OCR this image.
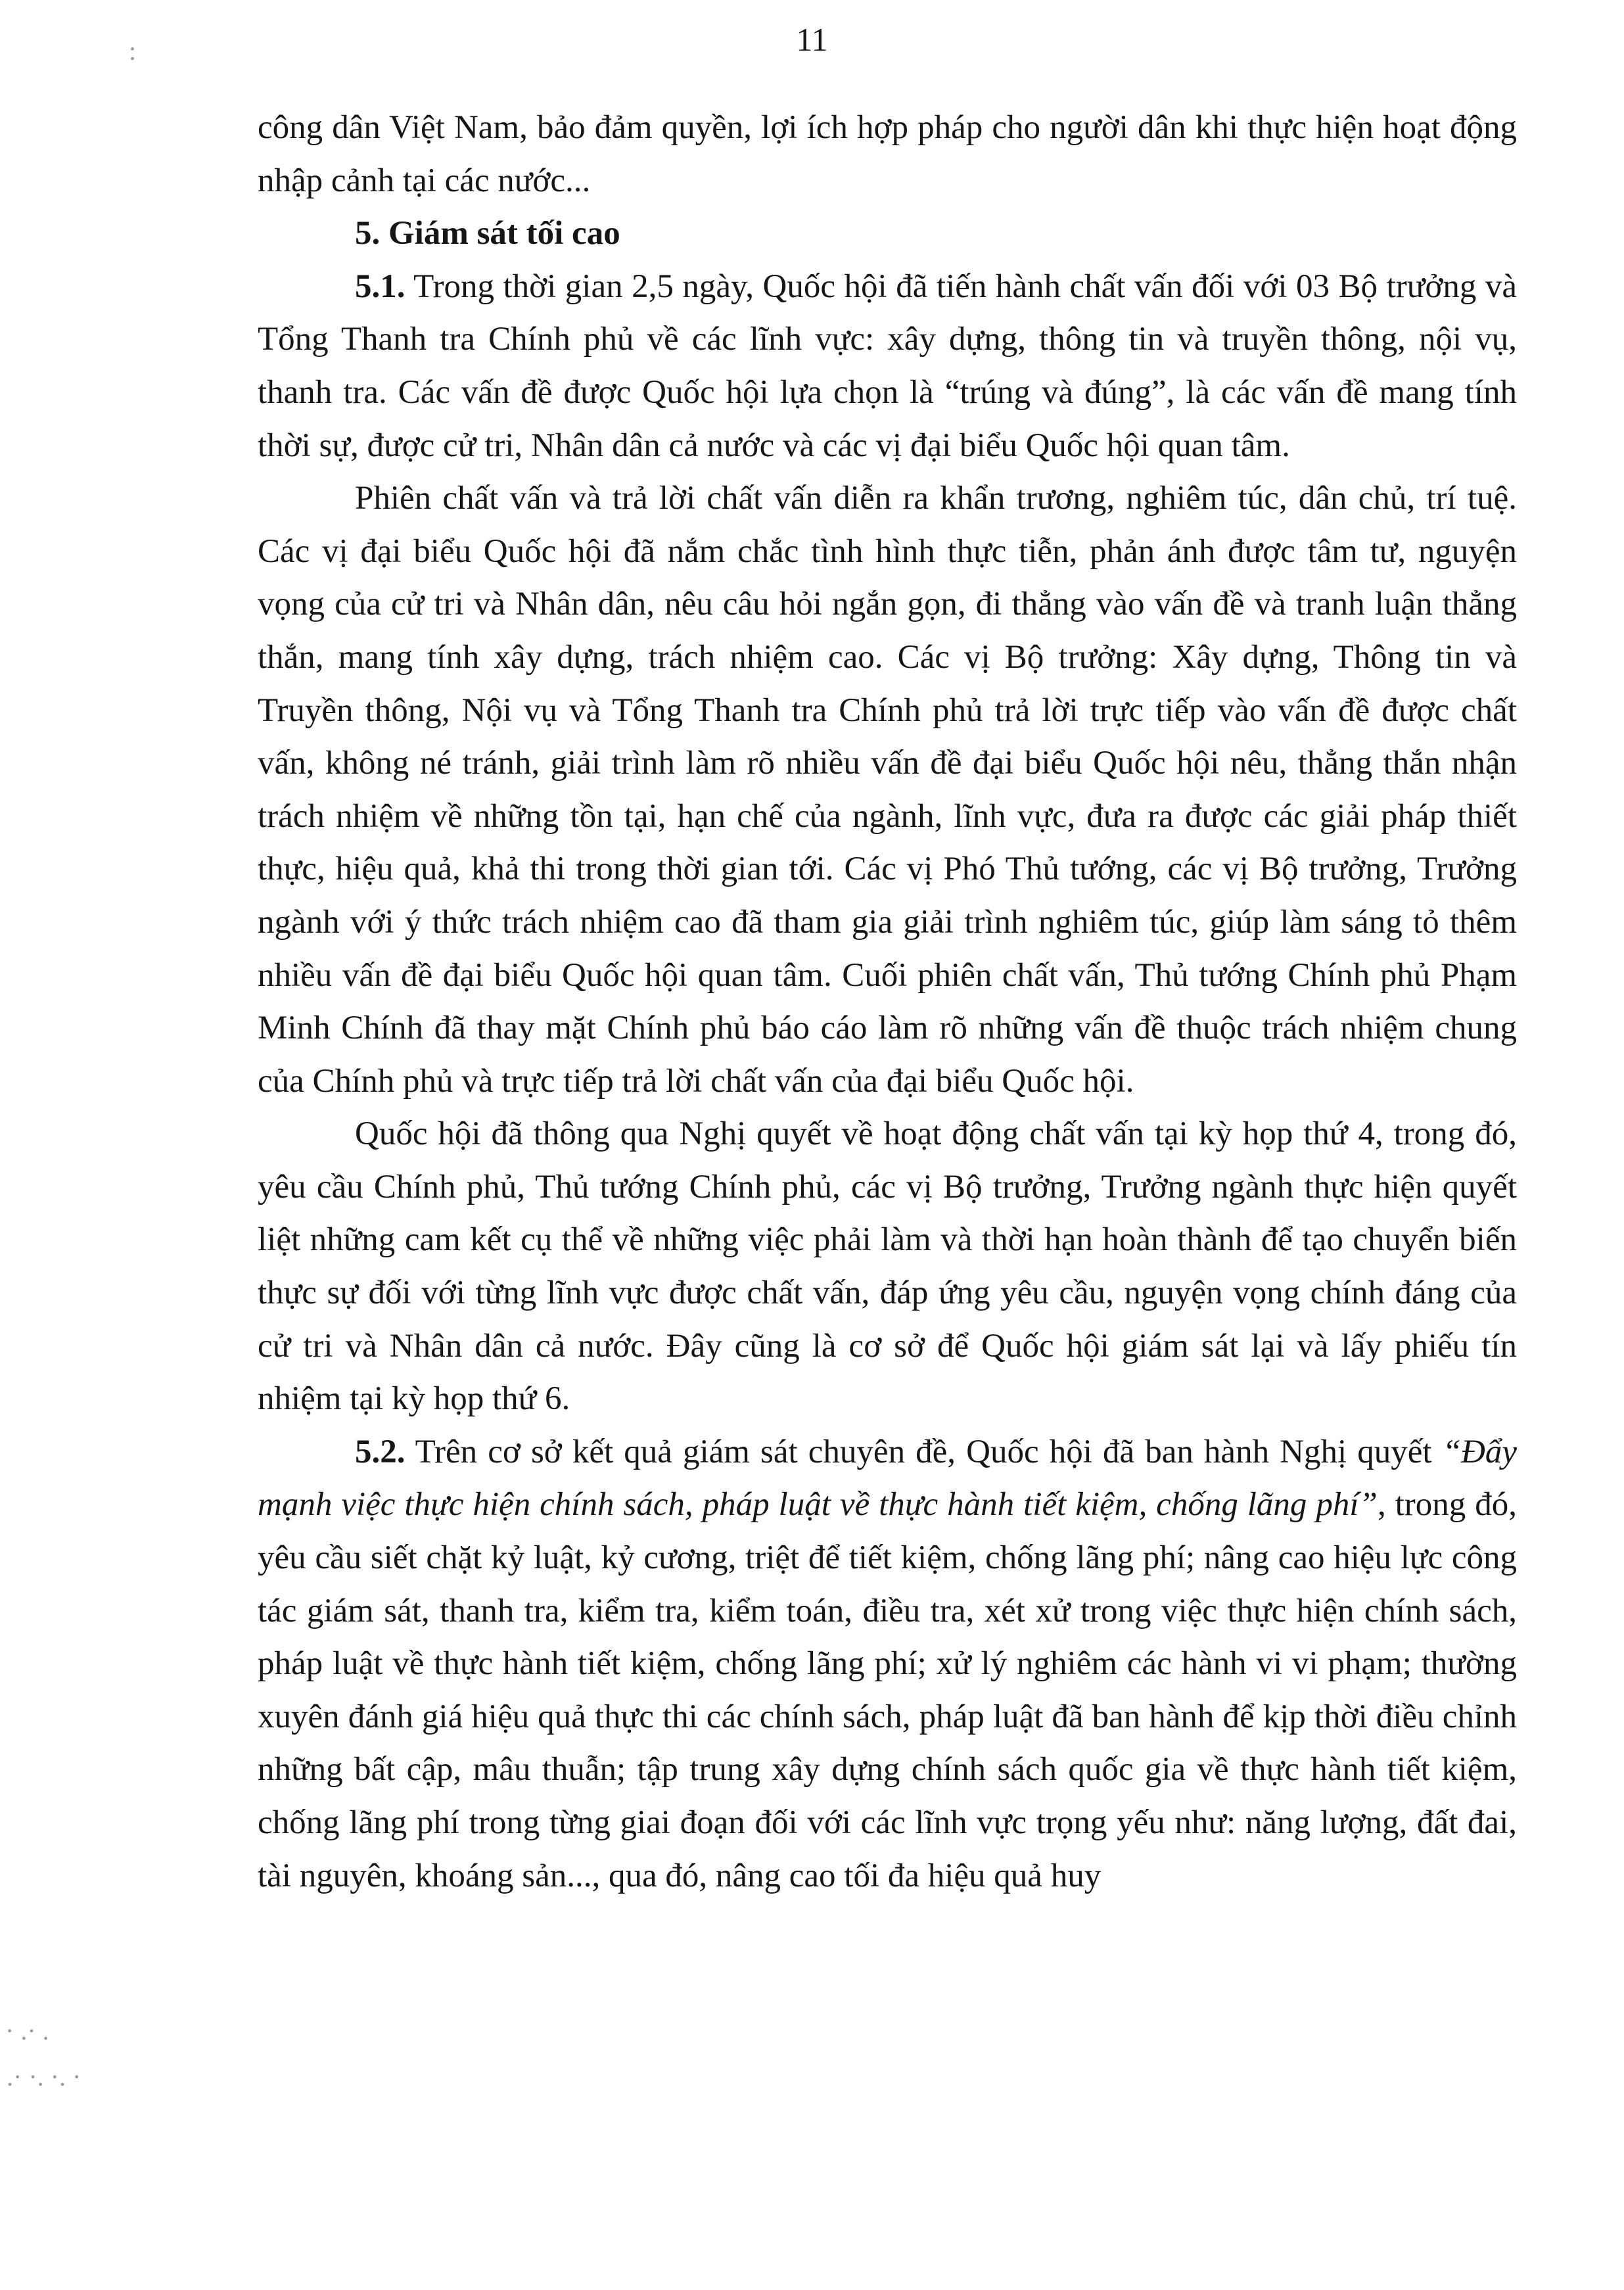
11
:
· .· .
.· ·. ·. ·

công dân Việt Nam, bảo đảm quyền, lợi ích hợp pháp cho người dân khi thực hiện hoạt động nhập cảnh tại các nước...

5. Giám sát tối cao

5.1. Trong thời gian 2,5 ngày, Quốc hội đã tiến hành chất vấn đối với 03 Bộ trưởng và Tổng Thanh tra Chính phủ về các lĩnh vực: xây dựng, thông tin và truyền thông, nội vụ, thanh tra. Các vấn đề được Quốc hội lựa chọn là “trúng và đúng”, là các vấn đề mang tính thời sự, được cử tri, Nhân dân cả nước và các vị đại biểu Quốc hội quan tâm.

Phiên chất vấn và trả lời chất vấn diễn ra khẩn trương, nghiêm túc, dân chủ, trí tuệ. Các vị đại biểu Quốc hội đã nắm chắc tình hình thực tiễn, phản ánh được tâm tư, nguyện vọng của cử tri và Nhân dân, nêu câu hỏi ngắn gọn, đi thẳng vào vấn đề và tranh luận thẳng thắn, mang tính xây dựng, trách nhiệm cao. Các vị Bộ trưởng: Xây dựng, Thông tin và Truyền thông, Nội vụ và Tổng Thanh tra Chính phủ trả lời trực tiếp vào vấn đề được chất vấn, không né tránh, giải trình làm rõ nhiều vấn đề đại biểu Quốc hội nêu, thẳng thắn nhận trách nhiệm về những tồn tại, hạn chế của ngành, lĩnh vực, đưa ra được các giải pháp thiết thực, hiệu quả, khả thi trong thời gian tới. Các vị Phó Thủ tướng, các vị Bộ trưởng, Trưởng ngành với ý thức trách nhiệm cao đã tham gia giải trình nghiêm túc, giúp làm sáng tỏ thêm nhiều vấn đề đại biểu Quốc hội quan tâm. Cuối phiên chất vấn, Thủ tướng Chính phủ Phạm Minh Chính đã thay mặt Chính phủ báo cáo làm rõ những vấn đề thuộc trách nhiệm chung của Chính phủ và trực tiếp trả lời chất vấn của đại biểu Quốc hội.

Quốc hội đã thông qua Nghị quyết về hoạt động chất vấn tại kỳ họp thứ 4, trong đó, yêu cầu Chính phủ, Thủ tướng Chính phủ, các vị Bộ trưởng, Trưởng ngành thực hiện quyết liệt những cam kết cụ thể về những việc phải làm và thời hạn hoàn thành để tạo chuyển biến thực sự đối với từng lĩnh vực được chất vấn, đáp ứng yêu cầu, nguyện vọng chính đáng của cử tri và Nhân dân cả nước. Đây cũng là cơ sở để Quốc hội giám sát lại và lấy phiếu tín nhiệm tại kỳ họp thứ 6.

5.2. Trên cơ sở kết quả giám sát chuyên đề, Quốc hội đã ban hành Nghị quyết “Đẩy mạnh việc thực hiện chính sách, pháp luật về thực hành tiết kiệm, chống lãng phí”, trong đó, yêu cầu siết chặt kỷ luật, kỷ cương, triệt để tiết kiệm, chống lãng phí; nâng cao hiệu lực công tác giám sát, thanh tra, kiểm tra, kiểm toán, điều tra, xét xử trong việc thực hiện chính sách, pháp luật về thực hành tiết kiệm, chống lãng phí; xử lý nghiêm các hành vi vi phạm; thường xuyên đánh giá hiệu quả thực thi các chính sách, pháp luật đã ban hành để kịp thời điều chỉnh những bất cập, mâu thuẫn; tập trung xây dựng chính sách quốc gia về thực hành tiết kiệm, chống lãng phí trong từng giai đoạn đối với các lĩnh vực trọng yếu như: năng lượng, đất đai, tài nguyên, khoáng sản..., qua đó, nâng cao tối đa hiệu quả huy
